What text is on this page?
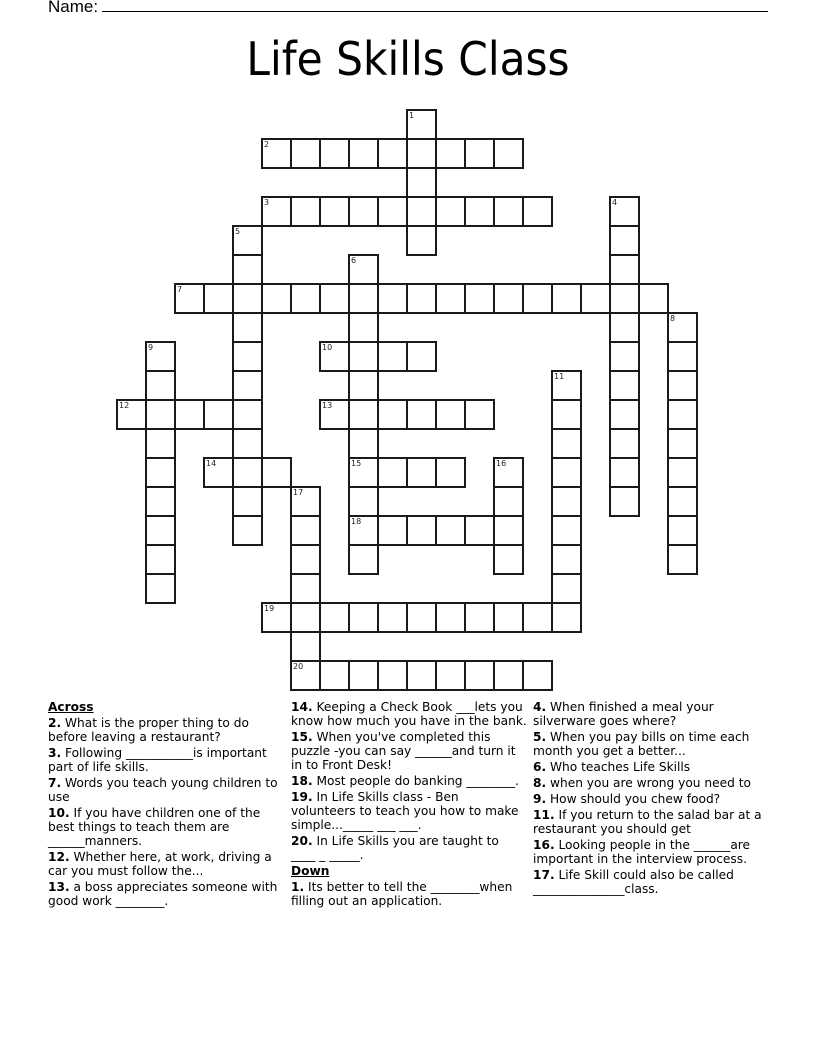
Name:
Life Skills Class
1
2
3	4
5
6
15
18
7
8
9	10
11
12	13
14	16
17
20
19
Across
2. What is the proper thing to do before leaving a restaurant?
3. Following ___________is important part of life skills.
7. Words you teach young children to use
10. If you have children one of the best things to teach them are ______manners.
12. Whether here, at work, driving a car you must follow the...
13. a boss appreciates someone with good work ________.
14. Keeping a Check Book ___lets you know how much you have in the bank.
15. When you've completed this puzzle -you can say ______and turn it in to Front Desk!
18. Most people do banking ________.
19. In Life Skills class - Ben volunteers to teach you how to make simple..._____ ___ ___.
20. In Life Skills you are taught to ____ _ _____.
Down
1. Its better to tell the ________when filling out an application.
4. When finished a meal your silverware goes where?
5. When you pay bills on time each month you get a better...
6. Who teaches Life Skills
8. when you are wrong you need to
9. How should you chew food?
11. If you return to the salad bar at a restaurant you should get
16. Looking people in the ______are important in the interview process.
17. Life Skill could also be called _______________class.
